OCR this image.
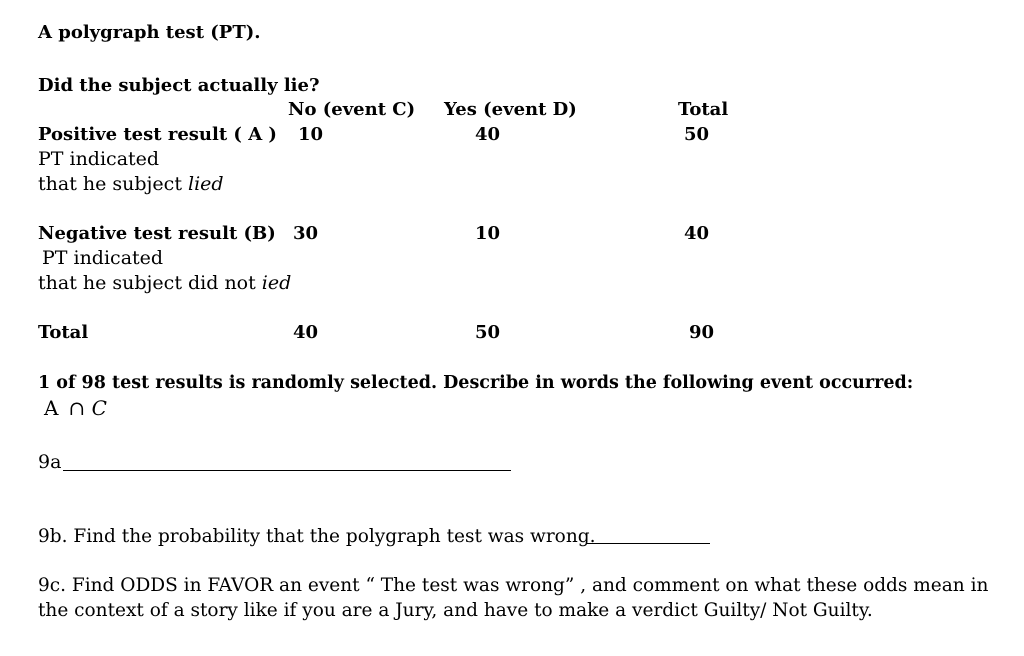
A polygraph test (PT).
Did the subject actually lie?
No (event C) Yes (event D)	Total
Positive test result ( A ) 10	40	50
PT indicated
that he subject lied
Negative test result (B) 30	10	40
PT indicated
that he subject did not ied
Total	40	50	90
1 of 98 test results is randomly selected. Describe in words the following event occurred:
A ∩ C
9a
9b. Find the probability that the polygraph test was wrong.
9c. Find ODDS in FAVOR an event “ The test was wrong” , and comment on what these odds mean in
the context of a story like if you are a Jury, and have to make a verdict Guilty/ Not Guilty.
